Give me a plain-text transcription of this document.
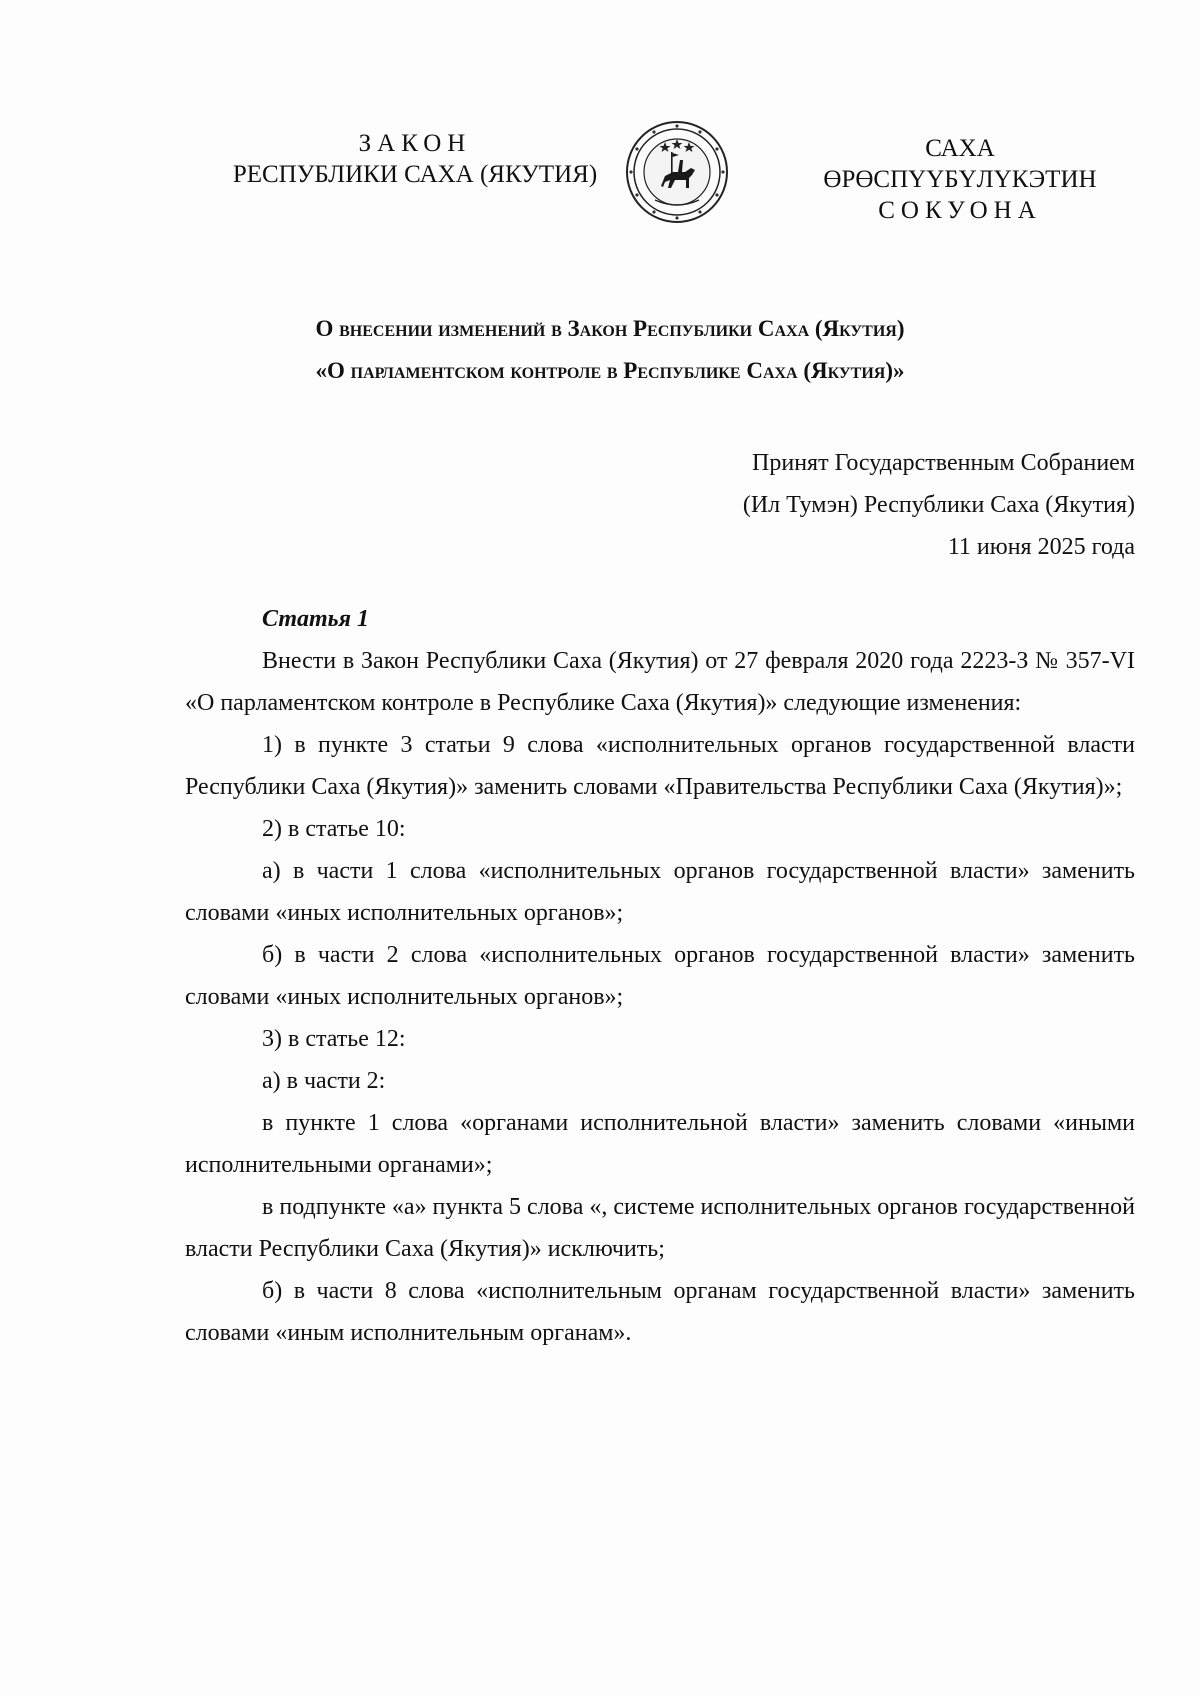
ЗАКОН
РЕСПУБЛИКИ САХА (ЯКУТИЯ)
САХА ӨРӨСПҮҮБҮЛҮКЭТИН
СОКУОНА
О внесении изменений в Закон Республики Саха (Якутия)
«О парламентском контроле в Республике Саха (Якутия)»
Принят Государственным Собранием
(Ил Тумэн) Республики Саха (Якутия)
11 июня 2025 года
Статья 1

Внести в Закон Республики Саха (Якутия) от 27 февраля 2020 года 2223-З № 357-VI «О парламентском контроле в Республике Саха (Якутия)» следующие изменения:

1) в пункте 3 статьи 9 слова «исполнительных органов государственной власти Республики Саха (Якутия)» заменить словами «Правительства Республики Саха (Якутия)»;

2) в статье 10:

а) в части 1 слова «исполнительных органов государственной власти» заменить словами «иных исполнительных органов»;

б) в части 2 слова «исполнительных органов государственной власти» заменить словами «иных исполнительных органов»;

3) в статье 12:

а) в части 2:

в пункте 1 слова «органами исполнительной власти» заменить словами «иными исполнительными органами»;

в подпункте «а» пункта 5 слова «, системе исполнительных органов государственной власти Республики Саха (Якутия)» исключить;

б) в части 8 слова «исполнительным органам государственной власти» заменить словами «иным исполнительным органам».
